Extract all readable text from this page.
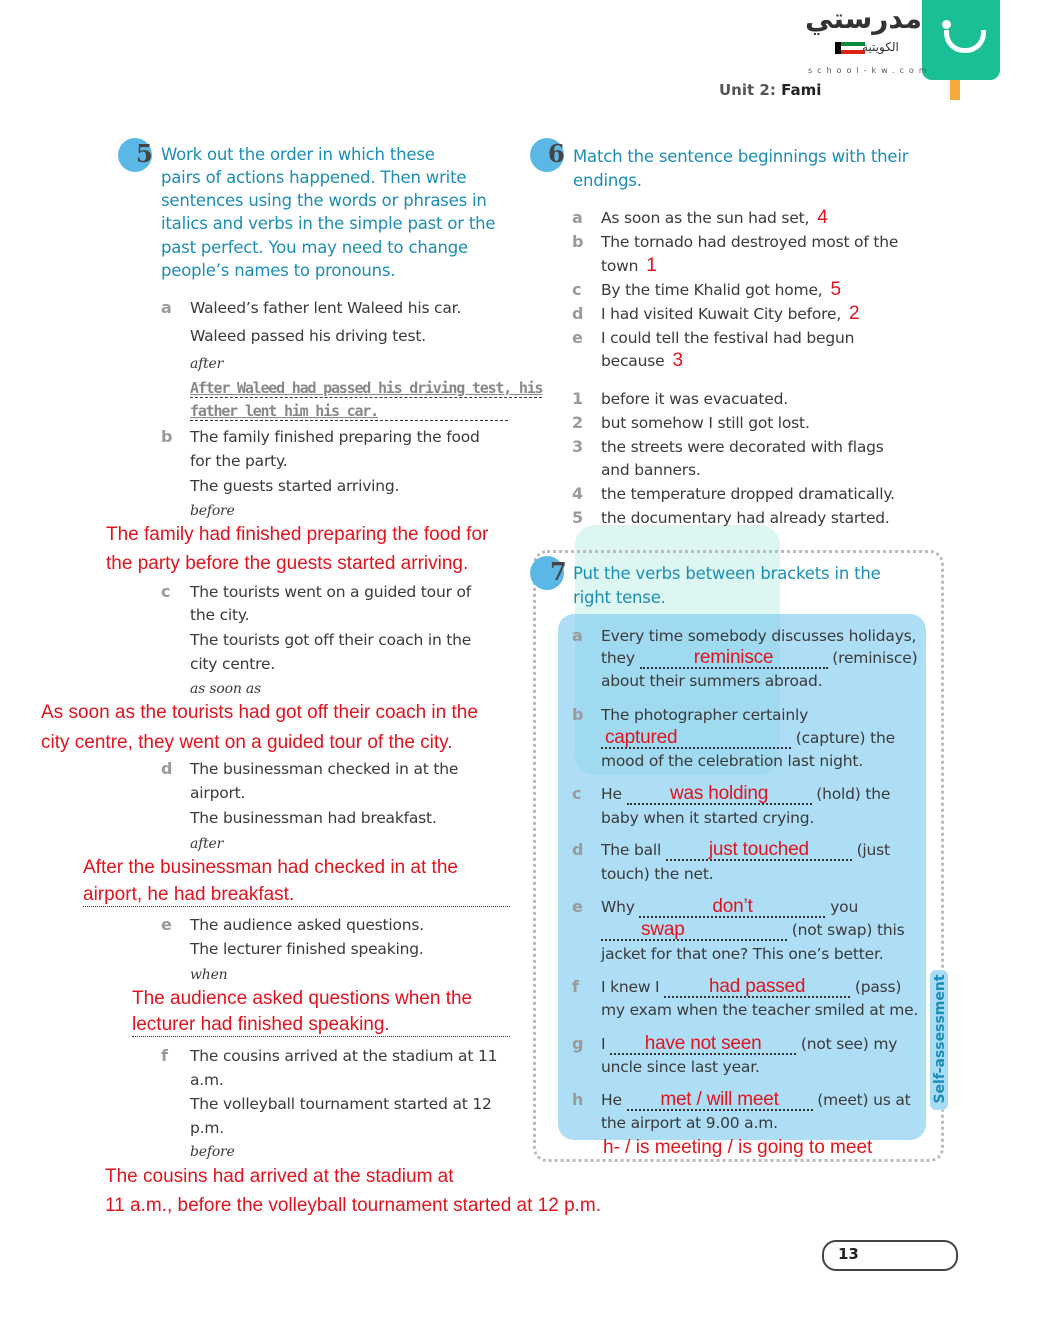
مدرستي
الكويتية
school-kw.com
Unit 2: Fami
5 Work out the order in which these
pairs of actions happened. Then write
sentences using the words or phrases in
italics and verbs in the simple past or the
past perfect. You may need to change
people’s names to pronouns.
a Waleed’s father lent Waleed his car.
Waleed passed his driving test.
after
After Waleed had passed his driving test, his
father lent him his car.
b The family finished preparing the food
for the party.
The guests started arriving.
before
The family had finished preparing the food for
the party before the guests started arriving.
c The tourists went on a guided tour of
the city.
The tourists got off their coach in the
city centre.
as soon as
As soon as the tourists had got off their coach in the
city centre, they went on a guided tour of the city.
d The businessman checked in at the
airport.
The businessman had breakfast.
after
After the businessman had checked in at the
airport, he had breakfast.
e The audience asked questions.
The lecturer finished speaking.
when
The audience asked questions when the
lecturer had finished speaking.
f The cousins arrived at the stadium at 11
a.m.
The volleyball tournament started at 12
p.m.
before
The cousins had arrived at the stadium at
11 a.m., before the volleyball tournament started at 12 p.m.
6 Match the sentence beginnings with their
endings.
a As soon as the sun had set, 4
b The tornado had destroyed most of the
town 1
c By the time Khalid got home, 5
d I had visited Kuwait City before, 2
e I could tell the festival had begun
because 3
1 before it was evacuated.
2 but somehow I still got lost.
3 the streets were decorated with flags
and banners.
4 the temperature dropped dramatically.
5 the documentary had already started.
7 Put the verbs between brackets in the
right tense.
a Every time somebody discusses holidays,
they	reminisce	(reminisce)
about their summers abroad.
b The photographer certainly
captured	(capture) the
mood of the celebration last night.
c He	was holding	(hold) the
baby when it started crying.
d The ball	just touched	(just
touch) the net.
e Why	don’t	you
swap	(not swap) this
jacket for that one? This one’s better.
f I knew I	had passed	(pass)
my exam when the teacher smiled at me.
g I have not seen	(not see) my
uncle since last year.
h He met / will meet (meet) us at
the airport at 9.00 a.m.
h- / is meeting / is going to meet
Self-assessment
13
